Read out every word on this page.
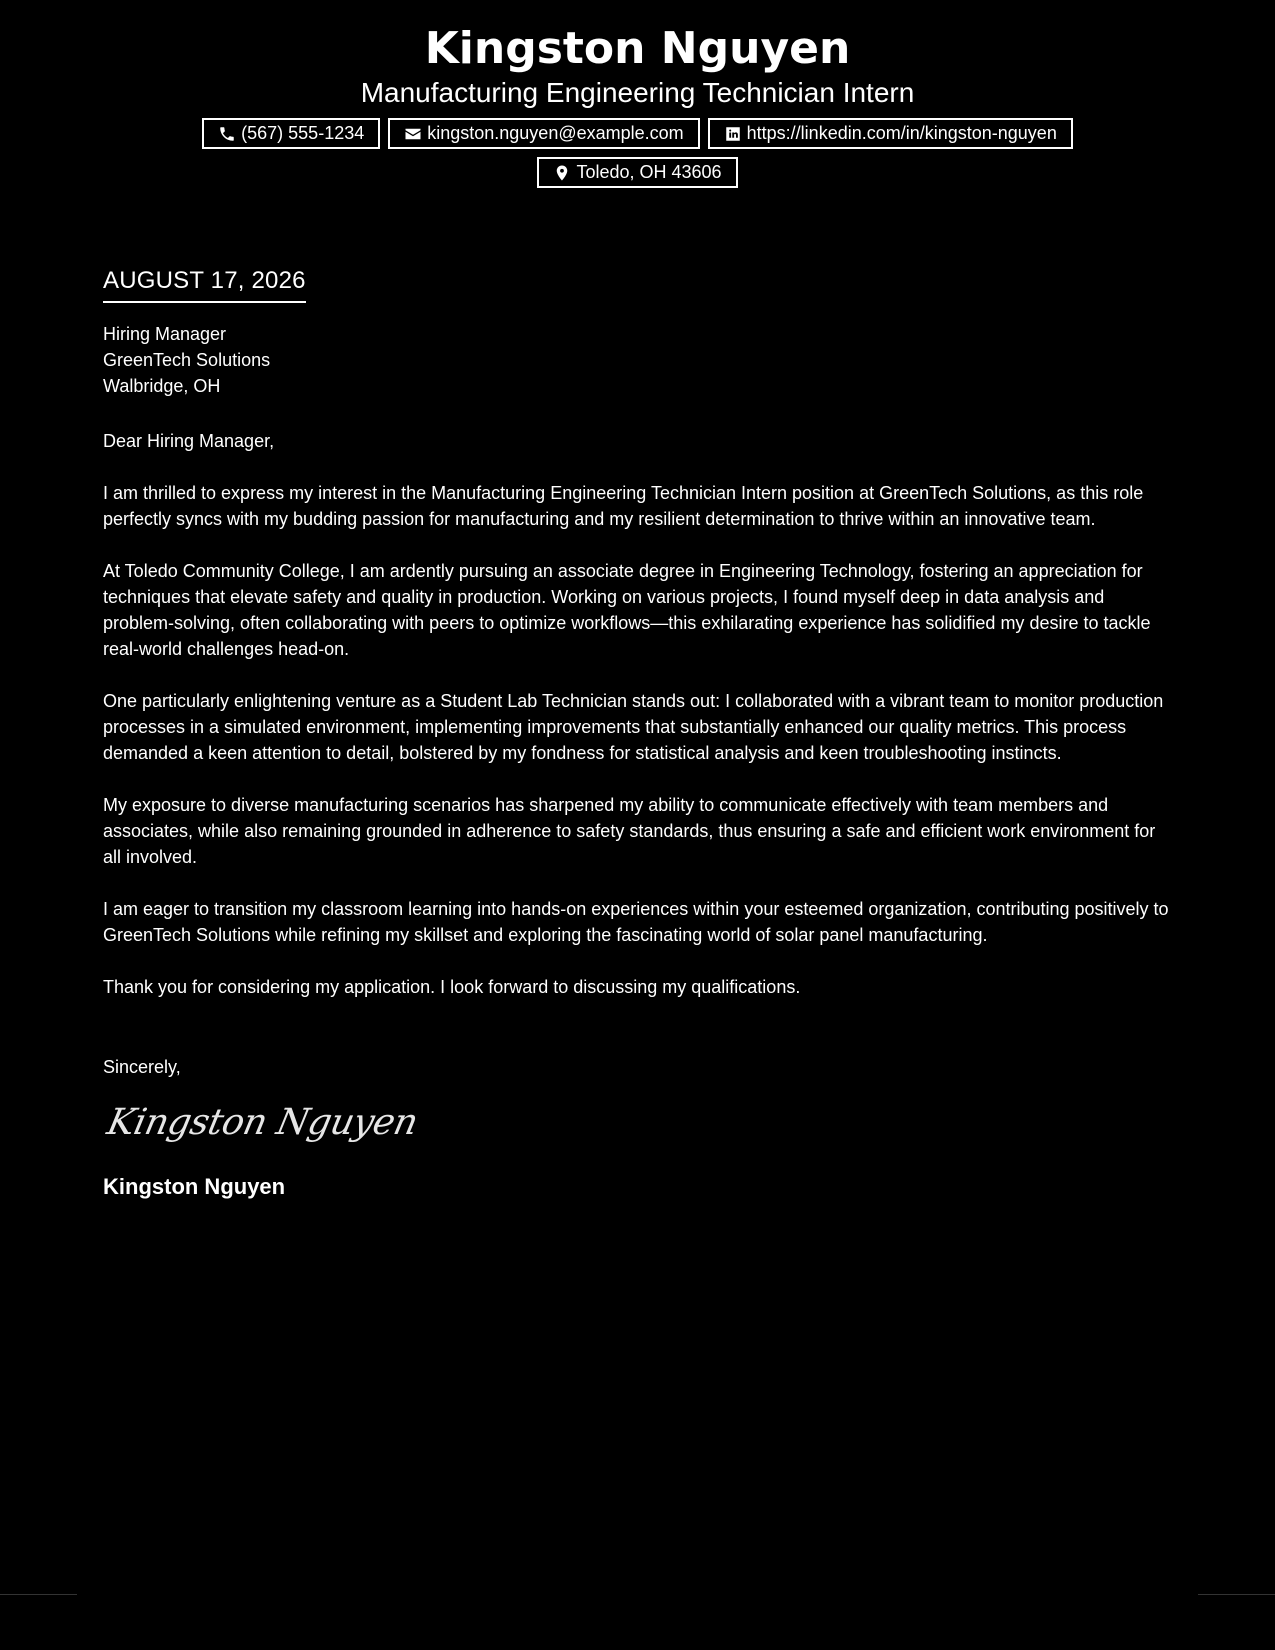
Kingston Nguyen
Manufacturing Engineering Technician Intern
(567) 555-1234	kingston.nguyen@example.com	https://linkedin.com/in/kingston-nguyen
Toledo, OH 43606
AUGUST 17, 2026
Hiring Manager
GreenTech Solutions
Walbridge, OH
Dear Hiring Manager,

I am thrilled to express my interest in the Manufacturing Engineering Technician Intern position at GreenTech Solutions, as this role perfectly syncs with my budding passion for manufacturing and my resilient determination to thrive within an innovative team.

At Toledo Community College, I am ardently pursuing an associate degree in Engineering Technology, fostering an appreciation for techniques that elevate safety and quality in production. Working on various projects, I found myself deep in data analysis and problem-solving, often collaborating with peers to optimize workflows—this exhilarating experience has solidified my desire to tackle real-world challenges head-on.

One particularly enlightening venture as a Student Lab Technician stands out: I collaborated with a vibrant team to monitor production processes in a simulated environment, implementing improvements that substantially enhanced our quality metrics. This process demanded a keen attention to detail, bolstered by my fondness for statistical analysis and keen troubleshooting instincts.

My exposure to diverse manufacturing scenarios has sharpened my ability to communicate effectively with team members and associates, while also remaining grounded in adherence to safety standards, thus ensuring a safe and efficient work environment for all involved.

I am eager to transition my classroom learning into hands-on experiences within your esteemed organization, contributing positively to GreenTech Solutions while refining my skillset and exploring the fascinating world of solar panel manufacturing.

Thank you for considering my application. I look forward to discussing my qualifications.

Sincerely,
Kingston Nguyen
Kingston Nguyen
